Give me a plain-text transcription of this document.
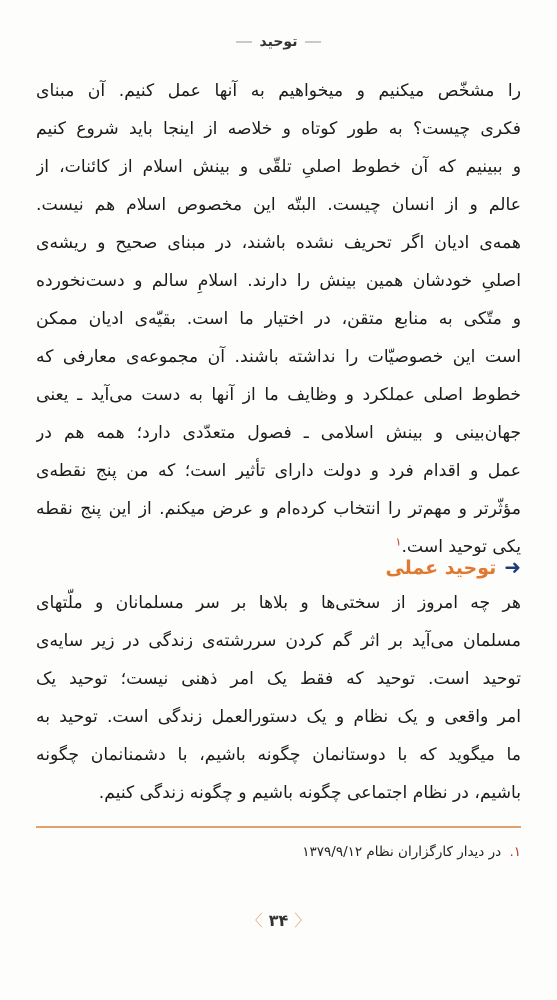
توحید
را مشخّص میکنیم و میخواهیم به آنها عمل کنیم. آن مبنای
فکری چیست؟ به طور کوتاه و خلاصه از اینجا باید شروع کنیم
و ببینیم که آن خطوط اصلیِ تلقّی و بینش اسلام از کائنات، از
عالم و از انسان چیست. البتّه این مخصوص اسلام هم نیست.
همه‌ی ادیان اگر تحریف نشده باشند، در مبنای صحیح و ریشه‌ی
اصلیِ خودشان همین بینش را دارند. اسلامِ سالم و دست‌نخورده
و متّکی به منابع متقن، در اختیار ما است. بقیّه‌ی ادیان ممکن
است این خصوصیّات را نداشته باشند. آن مجموعه‌ی معارفی که
خطوط اصلی عملکرد و وظایف ما از آنها به دست می‌آید ـ یعنی
جهان‌بینی و بینش اسلامی ـ فصول متعدّدی دارد؛ همه هم در
عمل و اقدام فرد و دولت دارای تأثیر است؛ که من پنج نقطه‌ی
مؤثّرتر و مهم‌تر را انتخاب کرده‌ام و عرض میکنم. از این پنج نقطه
یکی توحید است.$^۱$
➜توحید عملی
هر چه امروز از سختی‌ها و بلاها بر سر مسلمانان و ملّتهای
مسلمان می‌آید بر اثر گم کردن سررشته‌ی زندگی در زیر سایه‌ی
توحید است. توحید که فقط یک امر ذهنی نیست؛ توحید یک
امر واقعی و یک نظام و یک دستورالعمل زندگی است. توحید به
ما میگوید که با دوستانمان چگونه باشیم، با دشمنانمان چگونه
باشیم، در نظام اجتماعی چگونه باشیم و چگونه زندگی کنیم.
۱. در دیدار کارگزاران نظام ۱۳۷۹/۹/۱۲
〈 ۳۴ 〉
